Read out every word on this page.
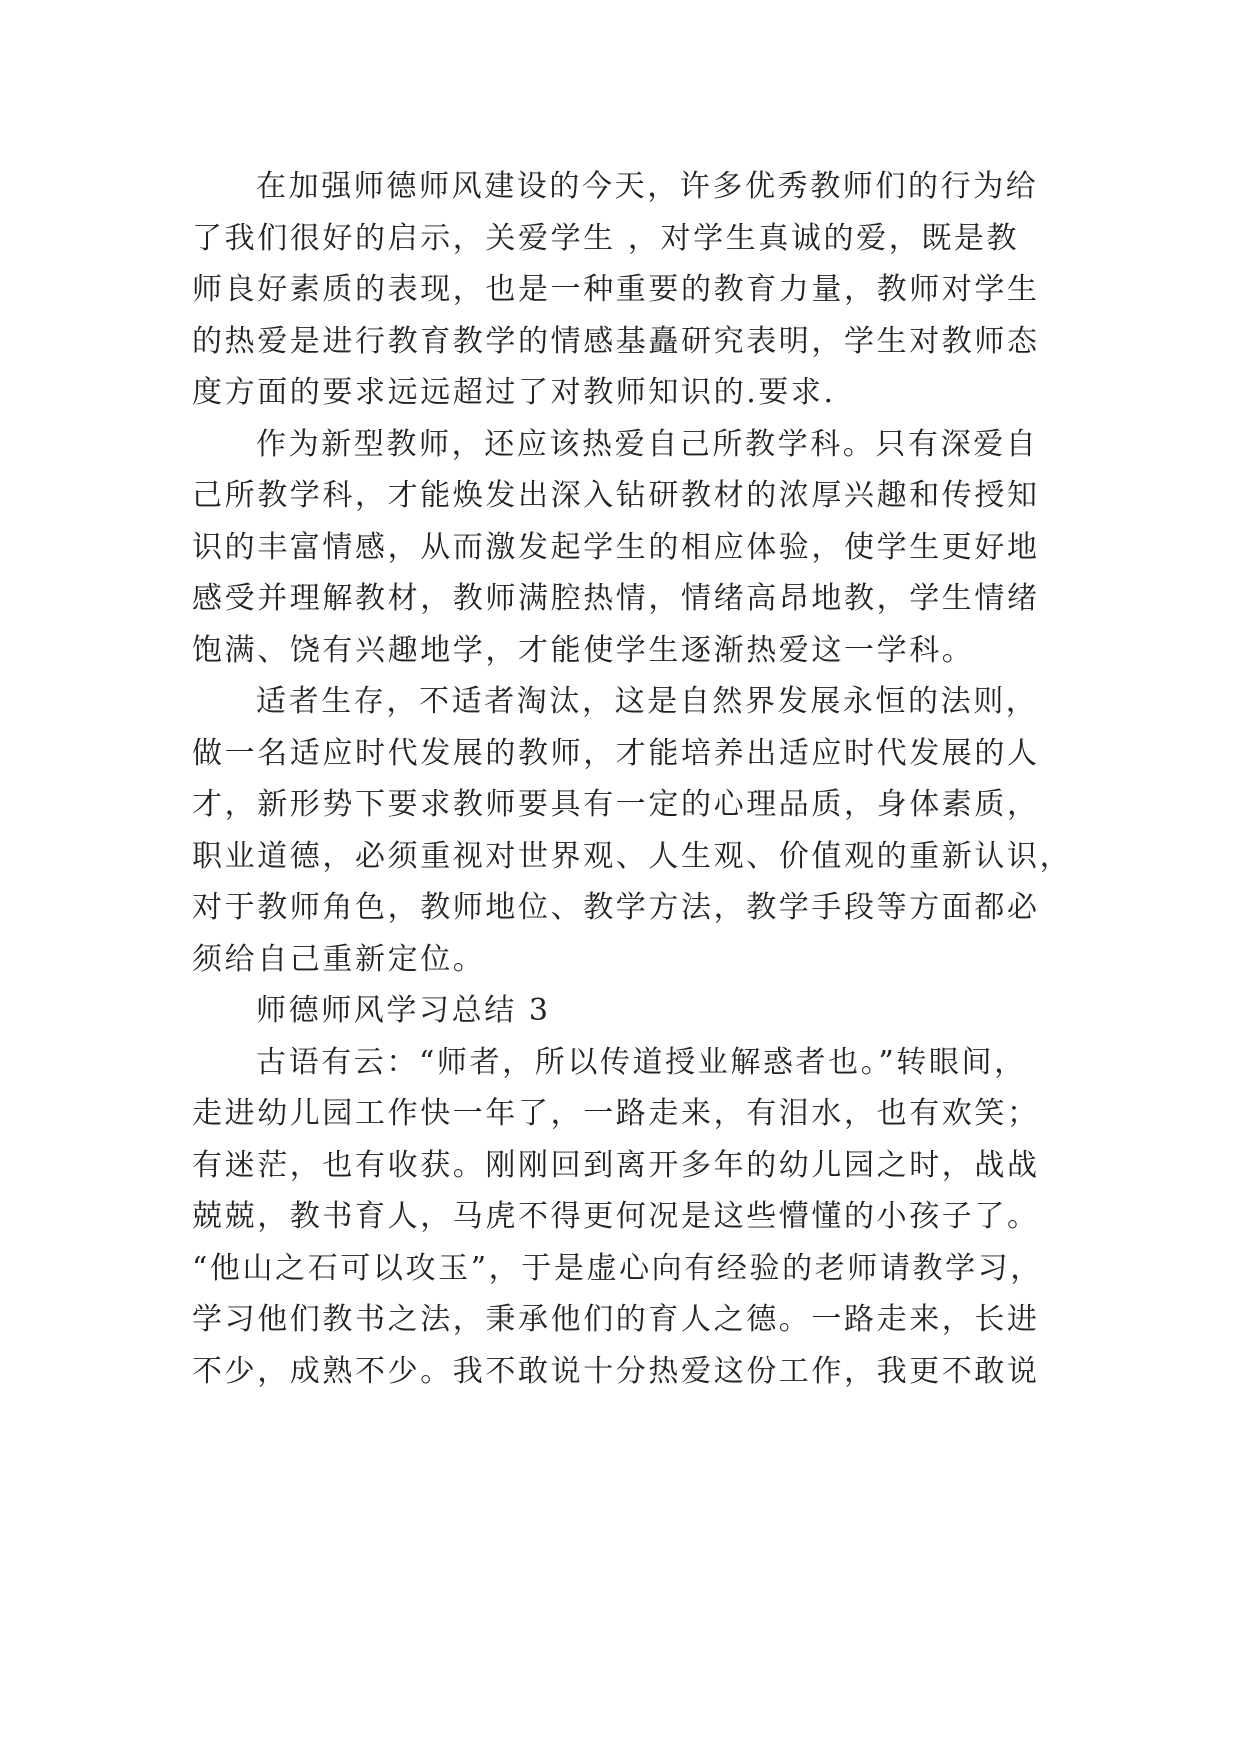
在加强师德师风建设的今天，许多优秀教师们的行为给

了我们很好的启示，关爱学生 ，对学生真诚的爱，既是教

师良好素质的表现，也是一种重要的教育力量，教师对学生

的热爱是进行教育教学的情感基矗研究表明，学生对教师态

度方面的要求远远超过了对教师知识的.要求.

作为新型教师，还应该热爱自己所教学科。只有深爱自

己所教学科，才能焕发出深入钻研教材的浓厚兴趣和传授知

识的丰富情感，从而激发起学生的相应体验，使学生更好地

感受并理解教材，教师满腔热情，情绪高昂地教，学生情绪

饱满、饶有兴趣地学，才能使学生逐渐热爱这一学科。

适者生存，不适者淘汰，这是自然界发展永恒的法则，

做一名适应时代发展的教师，才能培养出适应时代发展的人

才，新形势下要求教师要具有一定的心理品质，身体素质，

职业道德，必须重视对世界观、人生观、价值观的重新认识，

对于教师角色，教师地位、教学方法，教学手段等方面都必

须给自己重新定位。

师德师风学习总结 3

古语有云：“师者，所以传道授业解惑者也。”转眼间，

走进幼儿园工作快一年了，一路走来，有泪水，也有欢笑；

有迷茫，也有收获。刚刚回到离开多年的幼儿园之时，战战

兢兢，教书育人，马虎不得更何况是这些懵懂的小孩子了。

“他山之石可以攻玉”，于是虚心向有经验的老师请教学习，

学习他们教书之法，秉承他们的育人之德。一路走来，长进

不少，成熟不少。我不敢说十分热爱这份工作，我更不敢说
